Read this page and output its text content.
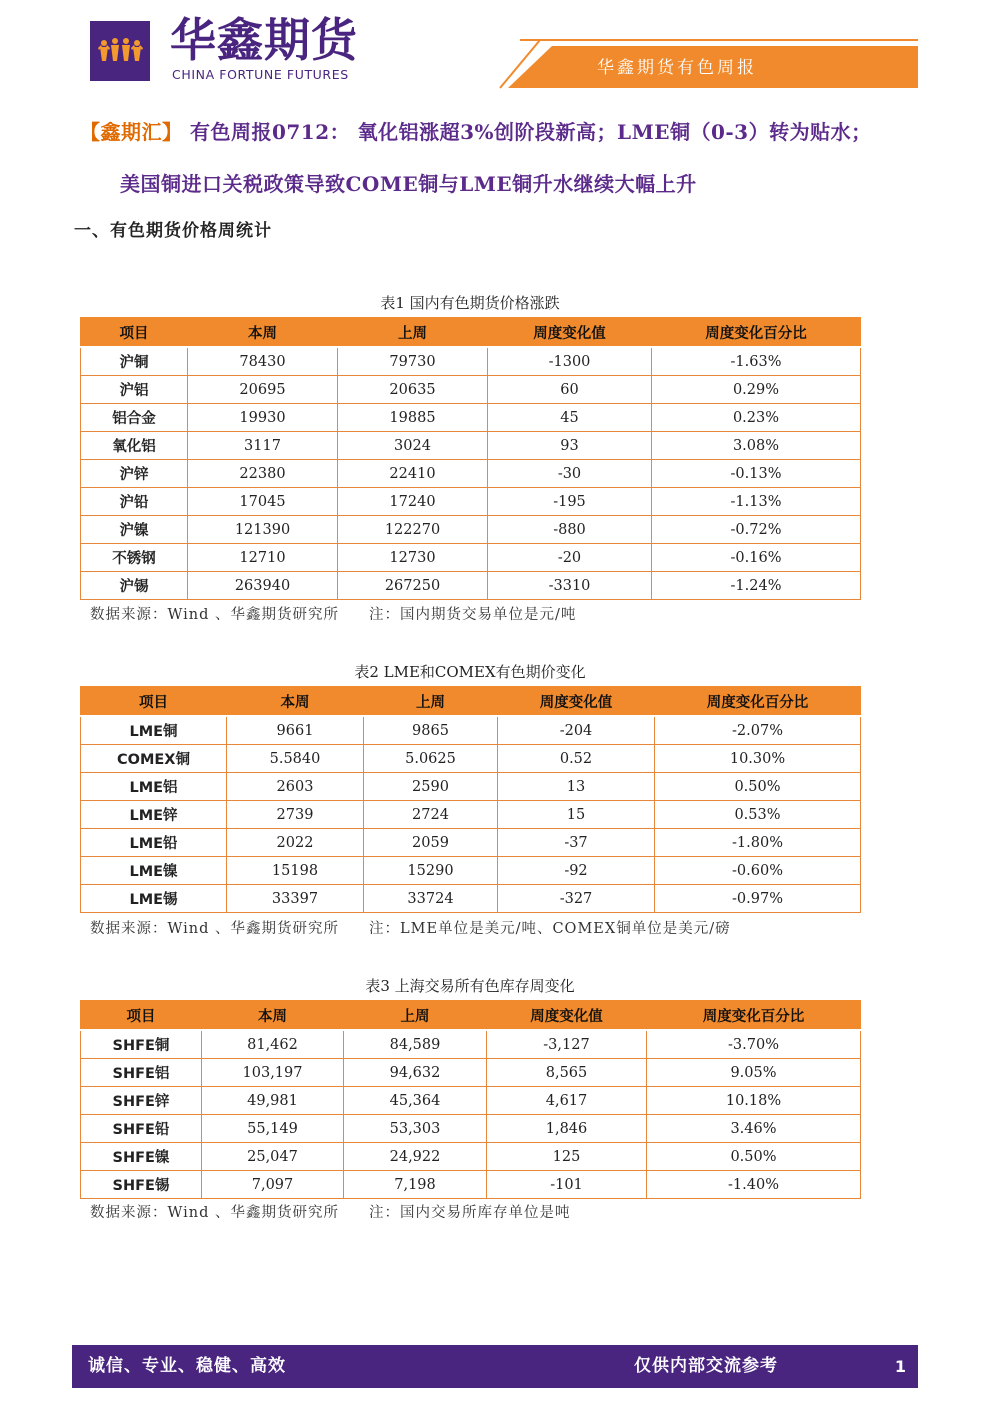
华鑫期货
CHINA FORTUNE FUTURES	华鑫期货有色周报
【鑫期汇】 有色周报0712： 氧化铝涨超3%创阶段新高；LME铜（0-3）转为贴水；
美国铜进口关税政策导致COME铜与LME铜升水继续大幅上升
一、有色期货价格周统计
表1 国内有色期货价格涨跌
项目	本周	上周	周度变化值	周度变化百分比
沪铜	78430	79730	-1300	-1.63%
沪铝	20695	20635	60	0.29%
铝合金	19930	19885	45	0.23%
氧化铝	3117	3024	93	3.08%
沪锌	22380	22410	-30	-0.13%
沪铅	17045	17240	-195	-1.13%
沪镍	121390	122270	-880	-0.72%
不锈钢	12710	12730	-20	-0.16%
沪锡	263940	267250	-3310	-1.24%
数据来源：Wind 、华鑫期货研究所 注：国内期货交易单位是元/吨
表2 LME和COMEX有色期价变化
项目	本周	上周	周度变化值	周度变化百分比
LME铜	9661	9865	-204	-2.07%
COMEX铜	5.5840	5.0625	0.52	10.30%
LME铝	2603	2590	13	0.50%
LME锌	2739	2724	15	0.53%
LME铅	2022	2059	-37	-1.80%
LME镍	15198	15290	-92	-0.60%
LME锡	33397	33724	-327	-0.97%
数据来源：Wind 、华鑫期货研究所 注：LME单位是美元/吨、COMEX铜单位是美元/磅
表3 上海交易所有色库存周变化
项目	本周	上周	周度变化值	周度变化百分比
SHFE铜	81,462	84,589	-3,127	-3.70%
SHFE铝	103,197	94,632	8,565	9.05%
SHFE锌	49,981	45,364	4,617	10.18%
SHFE铅	55,149	53,303	1,846	3.46%
SHFE镍	25,047	24,922	125	0.50%
SHFE锡	7,097	7,198	-101	-1.40%
数据来源：Wind 、华鑫期货研究所 注：国内交易所库存单位是吨
诚信、专业、稳健、高效	仅供内部交流参考	1
